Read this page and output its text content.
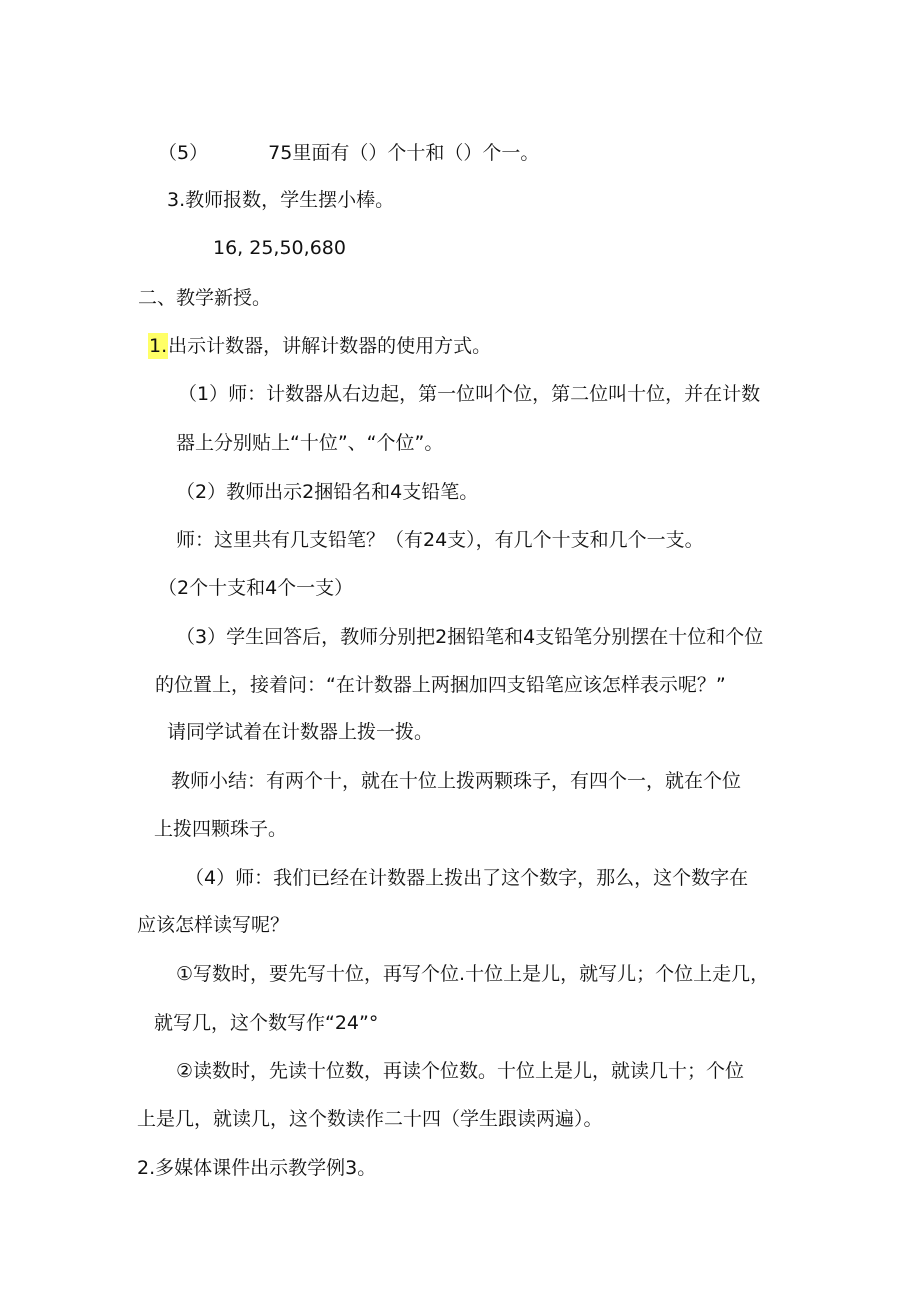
（5）	75里面有（）个十和（）个一。
3.教师报数，学生摆小棒。
16, 25,50,680
二、教学新授。
1.出示计数器，讲解计数器的使用方式。
（1）师：计数器从右边起，第一位叫个位，第二位叫十位，并在计数
器上分别贴上“十位”、“个位”。
（2）教师出示2捆铅名和4支铅笔。
师：这里共有几支铅笔？（有24支），有几个十支和几个一支。
（2个十支和4个一支）
（3）学生回答后，教师分别把2捆铅笔和4支铅笔分别摆在十位和个位
的位置上，接着问：“在计数器上两捆加四支铅笔应该怎样表示呢？”
请同学试着在计数器上拨一拨。
教师小结：有两个十，就在十位上拨两颗珠子，有四个一，就在个位
上拨四颗珠子。
（4）师：我们已经在计数器上拨出了这个数字，那么，这个数字在
应该怎样读写呢？
①写数时，要先写十位，再写个位.十位上是儿，就写儿；个位上走几，
就写几，这个数写作“24”°
②读数时，先读十位数，再读个位数。十位上是儿，就读几十；个位
上是几，就读几，这个数读作二十四（学生跟读两遍）。
2.多媒体课件出示教学例3。
